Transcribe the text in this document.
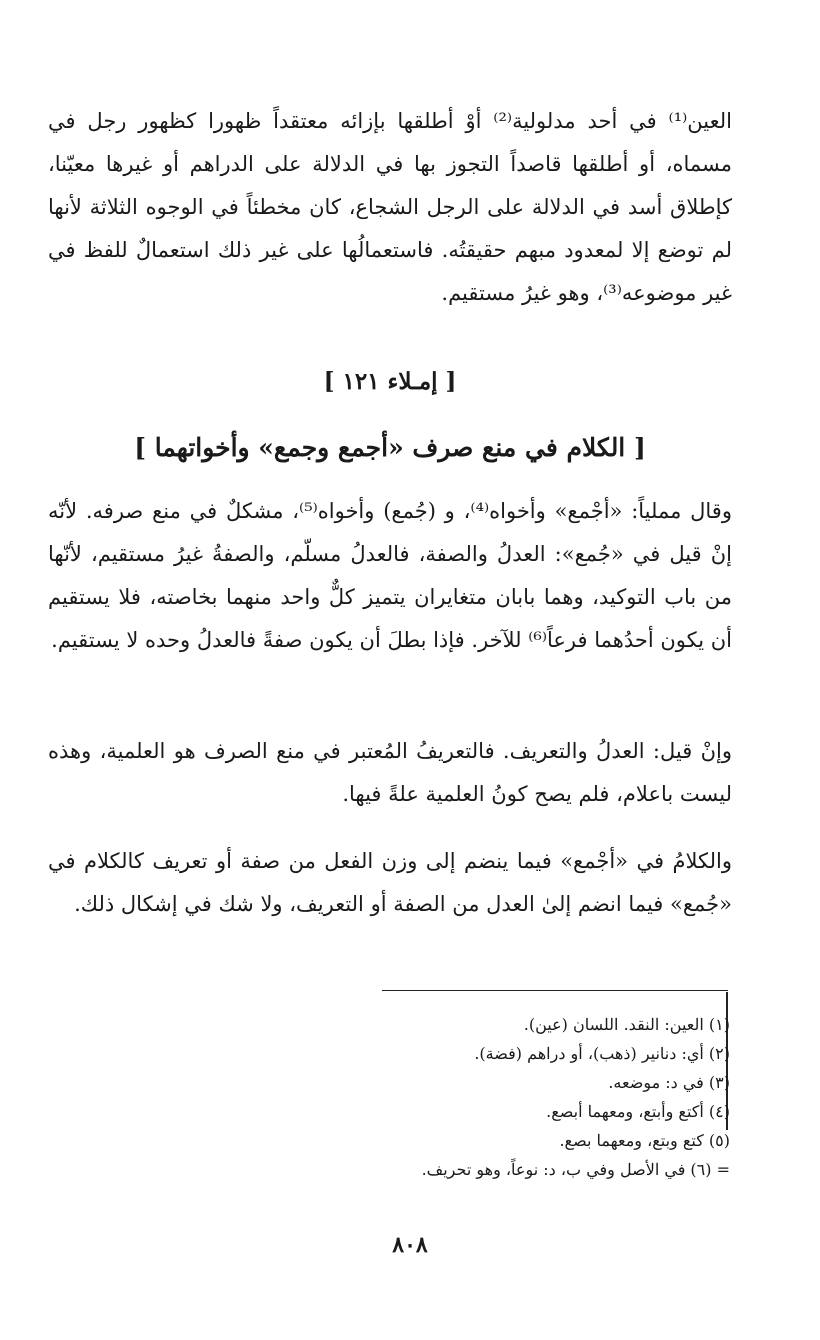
العين⁽¹⁾ في أحد مدلولية⁽²⁾ أوْ أطلقها بإزائه معتقداً ظهورا كظهور رجل في مسماه، أو أطلقها قاصداً التجوز بها في الدلالة على الدراهم أو غيرها معيّنا، كإطلاق أسد في الدلالة على الرجل الشجاع، كان مخطئاً في الوجوه الثلاثة لأنها لم توضع إلا لمعدود مبهم حقيقتُه. فاستعمالُها على غير ذلك استعمالٌ للفظ في غير موضوعه⁽³⁾، وهو غيرُ مستقيم.

[ إمـلاء ١٢١ ]
[ الكلام في منع صرف «أجمع وجمع» وأخواتهما ]

وقال مملياً: «أجْمع» وأخواه⁽⁴⁾، و (جُمع) وأخواه⁽⁵⁾، مشكلٌ في منع صرفه. لأنّه إنْ قيل في «جُمع»: العدلُ والصفة، فالعدلُ مسلّم، والصفةُ غيرُ مستقيم، لأنّها من باب التوكيد، وهما بابان متغايران يتميز كلٌّ واحد منهما بخاصته، فلا يستقيم أن يكون أحدُهما فرعاً⁽⁶⁾ للآخر. فإذا بطلَ أن يكون صفةً فالعدلُ وحده لا يستقيم.

وإنْ قيل: العدلُ والتعريف. فالتعريفُ المُعتبر في منع الصرف هو العلمية، وهذه ليست باعلام، فلم يصح كونُ العلمية علةً فيها.

والكلامُ في «أجْمع» فيما ينضم إلى وزن الفعل من صفة أو تعريف كالكلام في «جُمع» فيما انضم إلىٰ العدل من الصفة أو التعريف، ولا شك في إشكال ذلك.

(١) العين: النقد. اللسان (عين).
(٢) أي: دنانير (ذهب)، أو دراهم (فضة).
(٣) في د: موضعه.
(٤) أكتع وأبتع، ومعهما أبصع.
(٥) كتع وبتع، ومعهما بصع.
= (٦) في الأصل وفي ب، د: نوعاً، وهو تحريف.
٨٠٨
